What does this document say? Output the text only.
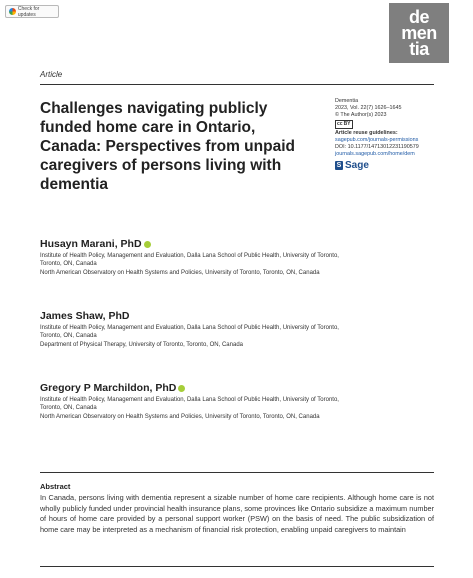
Check for updates	de
men
tia
Article
Challenges navigating publicly funded home care in Ontario, Canada: Perspectives from unpaid caregivers of persons living with dementia
Dementia
2023, Vol. 22(7) 1626–1645
© The Author(s) 2023
cc BY
Article reuse guidelines:
sagepub.com/journals-permissions
DOI: 10.1177/14713012231190579
journals.sagepub.com/home/dem
S Sage
Husayn Marani, PhD
Institute of Health Policy, Management and Evaluation, Dalla Lana School of Public Health, University of Toronto, Toronto, ON, Canada
North American Observatory on Health Systems and Policies, University of Toronto, Toronto, ON, Canada
James Shaw, PhD
Institute of Health Policy, Management and Evaluation, Dalla Lana School of Public Health, University of Toronto, Toronto, ON, Canada
Department of Physical Therapy, University of Toronto, Toronto, ON, Canada
Gregory P Marchildon, PhD
Institute of Health Policy, Management and Evaluation, Dalla Lana School of Public Health, University of Toronto, Toronto, ON, Canada
North American Observatory on Health Systems and Policies, University of Toronto, Toronto, ON, Canada
Abstract

In Canada, persons living with dementia represent a sizable number of home care recipients. Although home care is not wholly publicly funded under provincial health insurance plans, some provinces like Ontario subsidize a maximum number of hours of home care provided by a personal support worker (PSW) on the basis of need. The public subsidization of home care may be interpreted as a mechanism of financial risk protection, enabling unpaid caregivers to maintain
